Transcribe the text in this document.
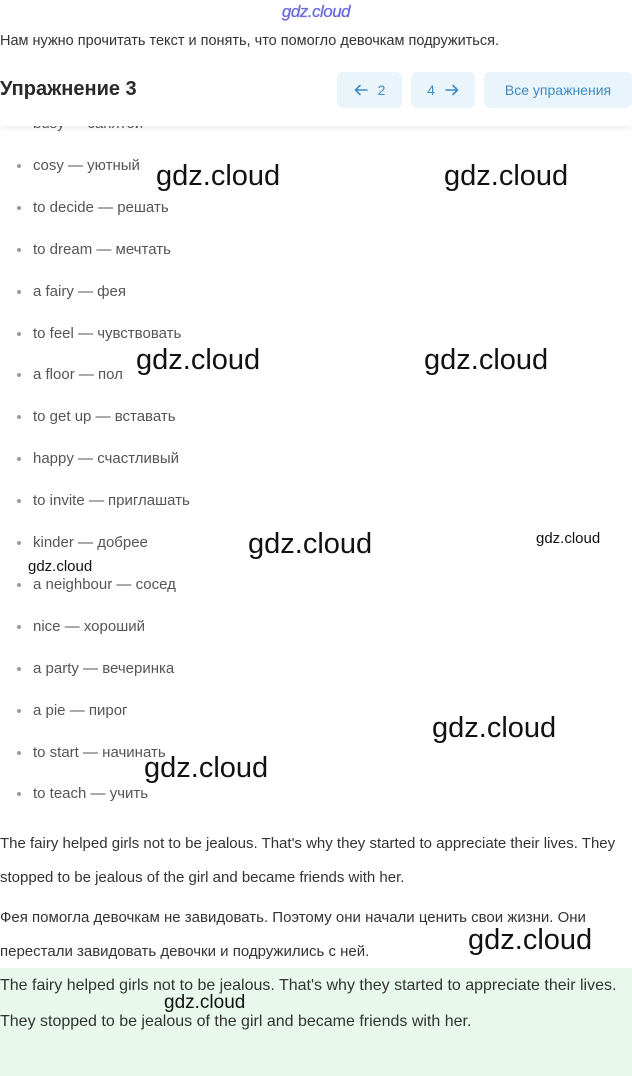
gdz.cloud
Нам нужно прочитать текст и понять, что помогло девочкам подружиться.
Упражнение 3	2	4	Все упражнения
cosy — уютный
to decide — решать
to dream — мечтать
a fairy — фея
to feel — чувствовать
a floor — пол
to get up — вставать
happy — счастливый
to invite — приглашать
kinder — добрее
a neighbour — сосед
nice — хороший
a party — вечеринка
a pie — пирог
to start — начинать
to teach — учить
The fairy helped girls not to be jealous. That's why they started to appreciate their lives. They stopped to be jealous of the girl and became friends with her.
Фея помогла девочкам не завидовать. Поэтому они начали ценить свои жизни. Они перестали завидовать девочки и подружились с ней.

The fairy helped girls not to be jealous. That's why they started to appreciate their lives. They stopped to be jealous of the girl and became friends with her.

gdz.cloud	gdz.cloud
gdz.cloud	gdz.cloud
gdz.cloud	gdz.cloud
gdz.cloud
gdz.cloud
gdz.cloud
gdz.cloud
gdz.cloud
